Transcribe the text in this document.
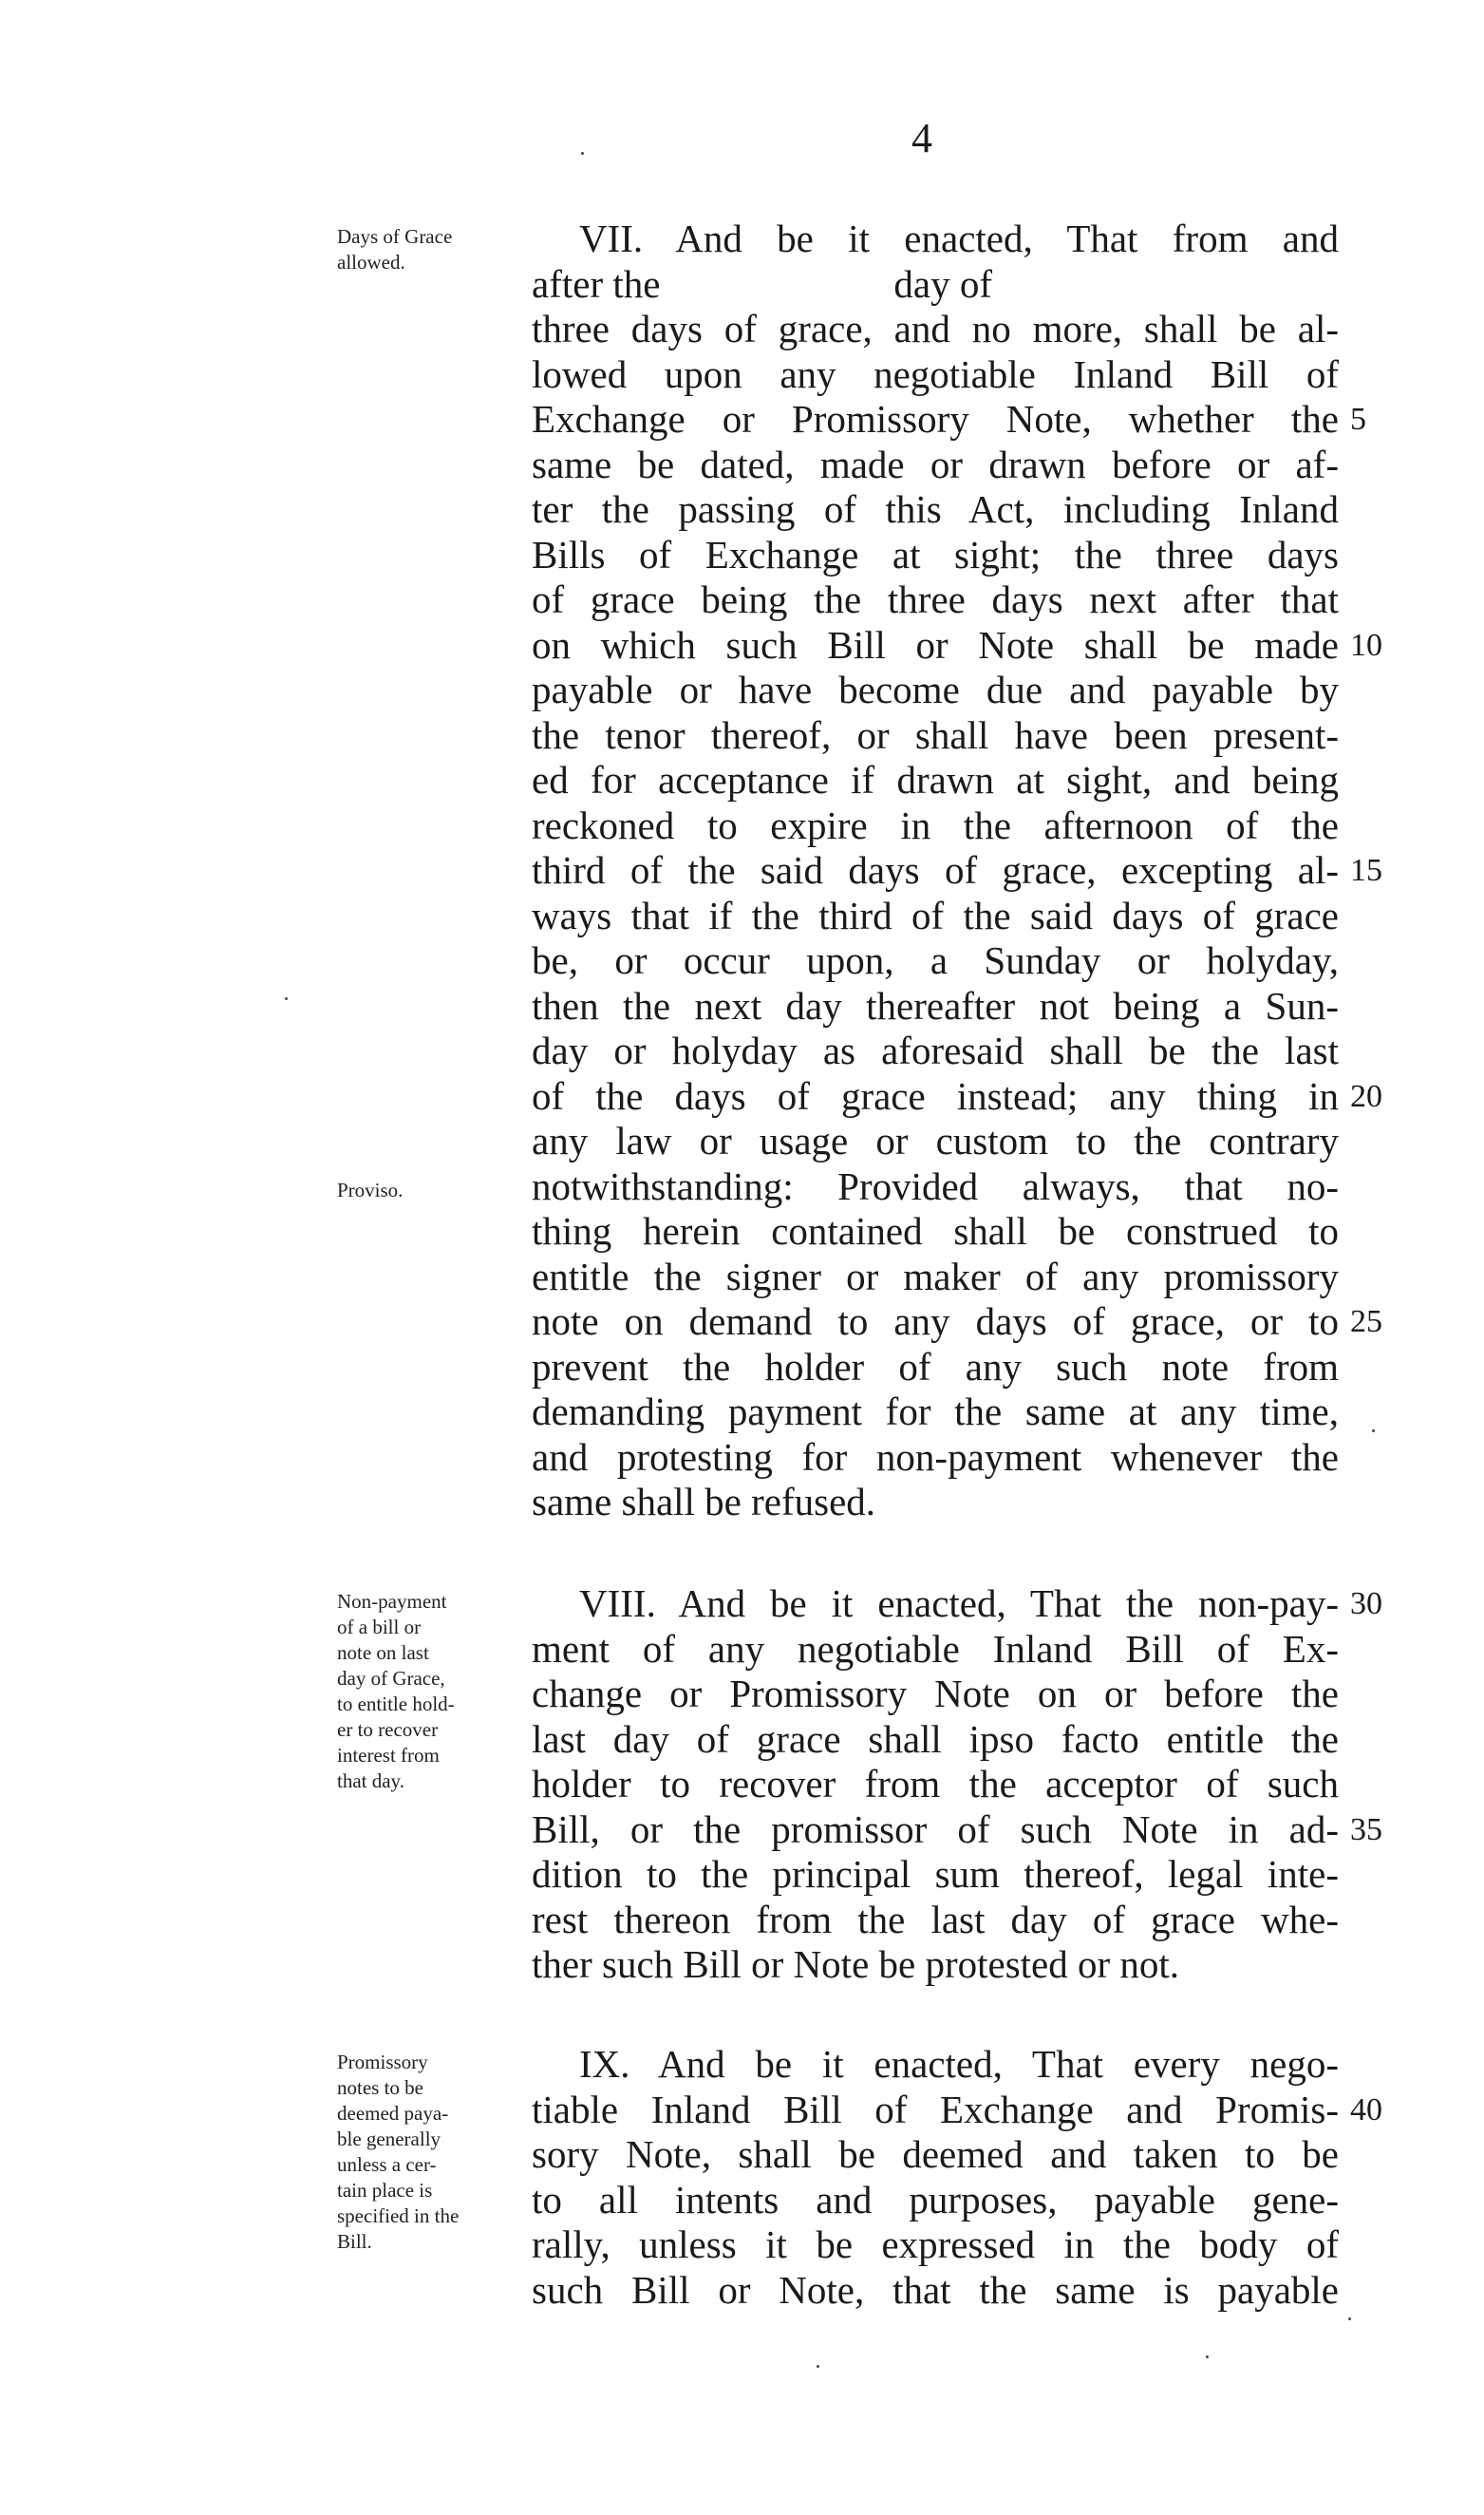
4
Days of Grace
allowed.
Proviso.
VII. And be it enacted, That from and
after the                        day of
three days of grace, and no more, shall be al-
lowed upon any negotiable Inland Bill of
Exchange or Promissory Note, whether the
same be dated, made or drawn before or af-
ter the passing of this Act, including Inland
Bills of Exchange at sight; the three days
of grace being the three days next after that
on which such Bill or Note shall be made
payable or have become due and payable by
the tenor thereof, or shall have been present-
ed for acceptance if drawn at sight, and being
reckoned to expire in the afternoon of the
third of the said days of grace, excepting al-
ways that if the third of the said days of grace
be, or occur upon, a Sunday or holyday,
then the next day thereafter not being a Sun-
day or holyday as aforesaid shall be the last
of the days of grace instead; any thing in
any law or usage or custom to the contrary
notwithstanding: Provided always, that no-
thing herein contained shall be construed to
entitle the signer or maker of any promissory
note on demand to any days of grace, or to
prevent the holder of any such note from
demanding payment for the same at any time,
and protesting for non-payment whenever the
same shall be refused.
5
10
15
20
25
Non-payment
of a bill or
note on last
day of Grace,
to entitle hold-
er to recover
interest from
that day.
VIII. And be it enacted, That the non-pay-
ment of any negotiable Inland Bill of Ex-
change or Promissory Note on or before the
last day of grace shall ipso facto entitle the
holder to recover from the acceptor of such
Bill, or the promissor of such Note in ad-
dition to the principal sum thereof, legal inte-
rest thereon from the last day of grace whe-
ther such Bill or Note be protested or not.
30
35
Promissory
notes to be
deemed paya-
ble generally
unless a cer-
tain place is
specified in the
Bill.
IX. And be it enacted, That every nego-
tiable Inland Bill of Exchange and Promis-
sory Note, shall be deemed and taken to be
to all intents and purposes, payable gene-
rally, unless it be expressed in the body of
such Bill or Note, that the same is payable
40
